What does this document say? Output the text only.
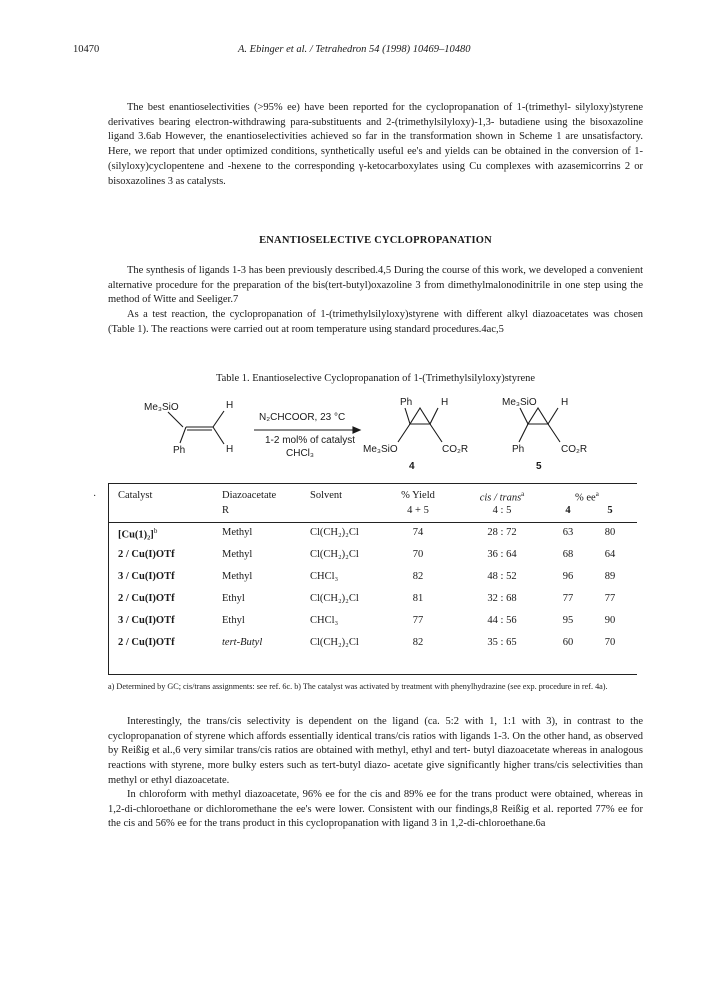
10470	A. Ebinger et al. / Tetrahedron 54 (1998) 10469–10480
The best enantioselectivities (>95% ee) have been reported for the cyclopropanation of 1-(trimethyl- silyloxy)styrene derivatives bearing electron-withdrawing para-substituents and 2-(trimethylsilyloxy)-1,3- butadiene using the bisoxazoline ligand 3.6ab However, the enantioselectivities achieved so far in the transformation shown in Scheme 1 are unsatisfactory. Here, we report that under optimized conditions, synthetically useful ee's and yields can be obtained in the conversion of 1-(silyloxy)cyclopentene and -hexene to the corresponding γ-ketocarboxylates using Cu complexes with azasemicorrins 2 or bisoxazolines 3 as catalysts.
ENANTIOSELECTIVE CYCLOPROPANATION
The synthesis of ligands 1-3 has been previously described.4,5 During the course of this work, we developed a convenient alternative procedure for the preparation of the bis(tert-butyl)oxazoline 3 from dimethylmalonodinitrile in one step using the method of Witte and Seeliger.7
As a test reaction, the cyclopropanation of 1-(trimethylsilyloxy)styrene with different alkyl diazoacetates was chosen (Table 1). The reactions were carried out at room temperature using standard procedures.4ac,5
Table 1. Enantioselective Cyclopropanation of 1-(Trimethylsilyloxy)styrene
Me₃SiO
Ph
H
H
N₂CHCOOR, 23 °C
1-2 mol% of catalyst
CHCl₃
Ph	H
Me₃SiO	CO₂R
4
Me₃SiO H
Ph	CO₂R
5
· Catalyst	Diazoacetate	Solvent	% Yield	cis / trans$^a$	% $ee^a$
R	4 + 5	4 : 5	4	5
$[Cu(1)_2]^b$	Methyl	Cl(CH₂)₂Cl	74	28 : 72	63	80
2 / Cu(I)OTf	Methyl	Cl(CH₂)₂Cl	70	36 : 64	68	64
3 / Cu(I)OTf	Methyl	CHCl₃	82	48 : 52	96	89
2 / Cu(I)OTf	Ethyl	Cl(CH₂)₂Cl	81	32 : 68	77	77
3 / Cu(I)OTf	Ethyl	CHCl₃	77	44 : 56	95	90
2 / Cu(I)OTf	tert-Butyl	Cl(CH₂)₂Cl	82	35 : 65	60	70
a) Determined by GC; cis/trans assignments: see ref. 6c. b) The catalyst was activated by treatment with phenylhydrazine (see exp. procedure in ref. 4a).
Interestingly, the trans/cis selectivity is dependent on the ligand (ca. 5:2 with 1, 1:1 with 3), in contrast to the cyclopropanation of styrene which affords essentially identical trans/cis ratios with ligands 1-3. On the other hand, as observed by Reißig et al.,6 very similar trans/cis ratios are obtained with methyl, ethyl and tert- butyl diazoacetate whereas in analogous reactions with styrene, more bulky esters such as tert-butyl diazo- acetate give significantly higher trans/cis selectivities than methyl or ethyl diazoacetate.
In chloroform with methyl diazoacetate, 96% ee for the cis and 89% ee for the trans product were obtained, whereas in 1,2-di-chloroethane or dichloromethane the ee's were lower. Consistent with our findings,8 Reißig et al. reported 77% ee for the cis and 56% ee for the trans product in this cyclopropanation with ligand 3 in 1,2-di-chloroethane.6a
